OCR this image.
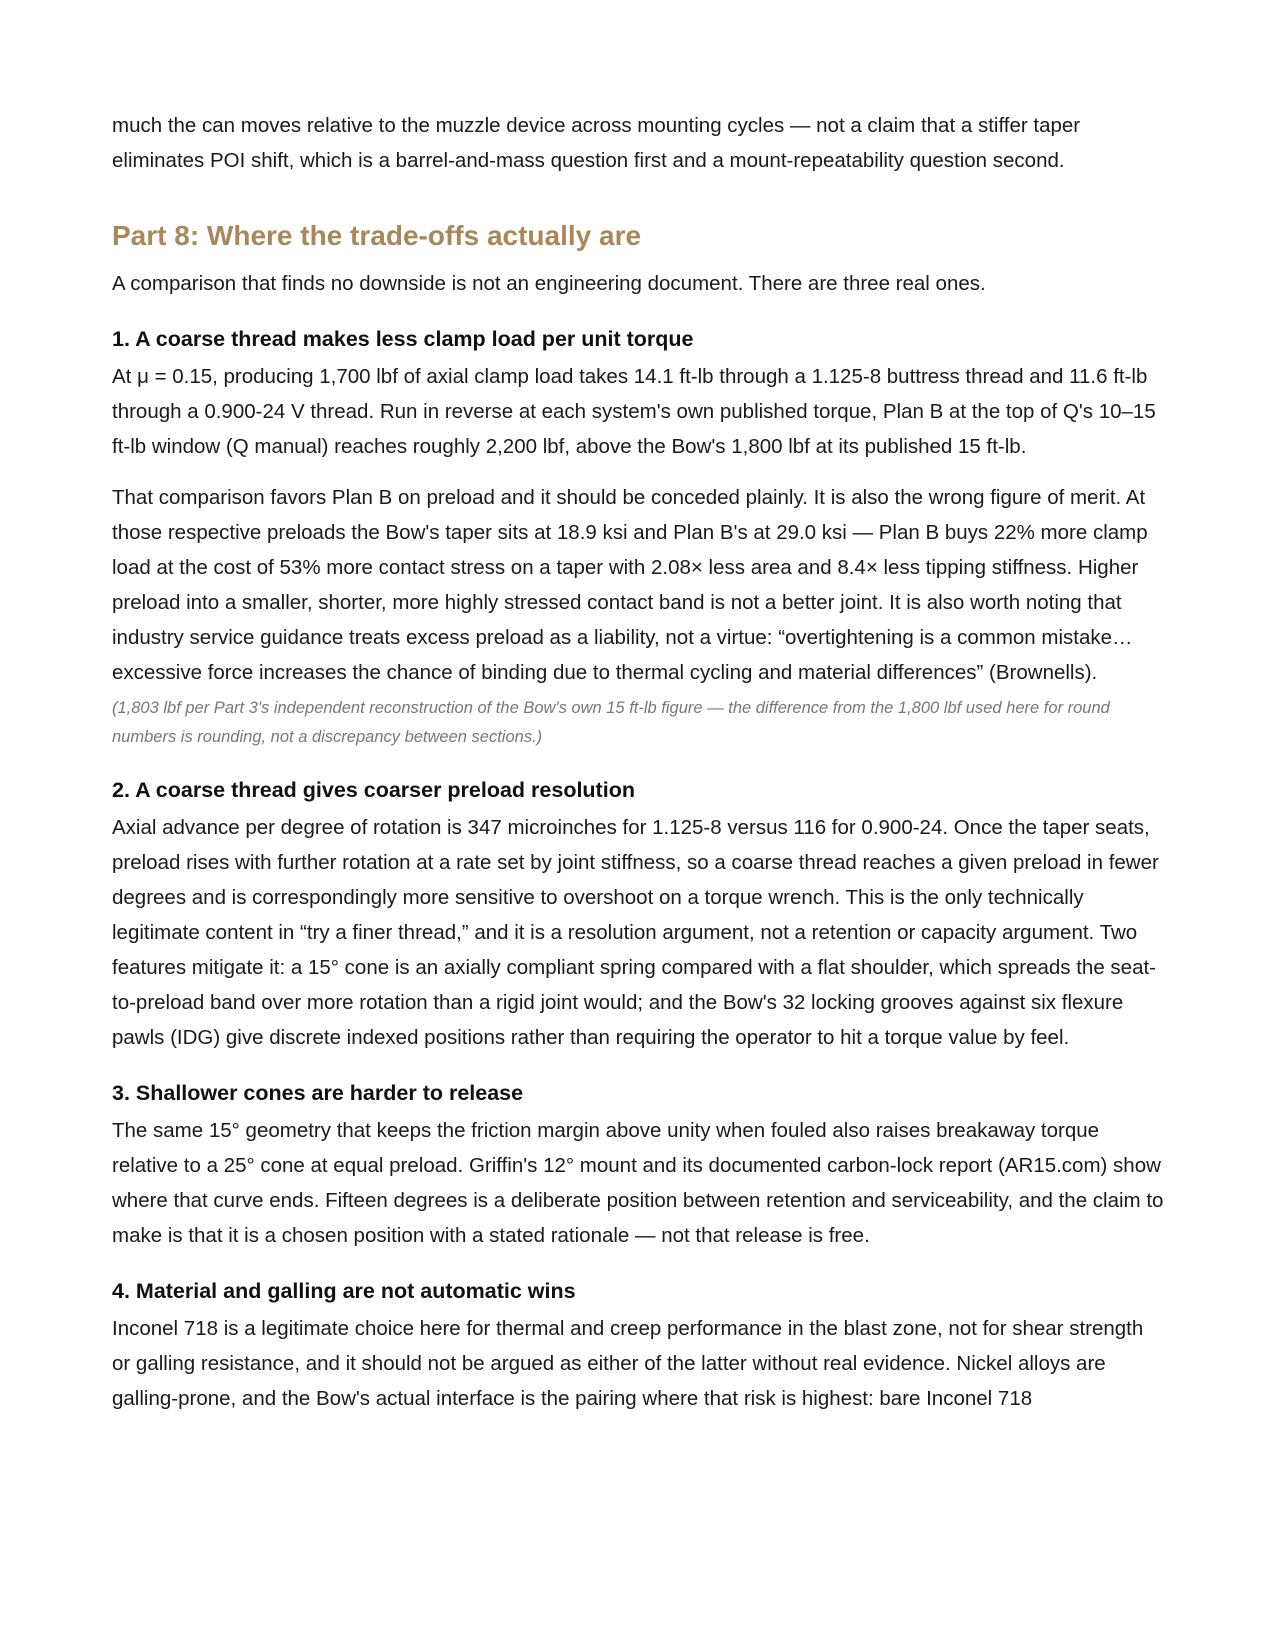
much the can moves relative to the muzzle device across mounting cycles — not a claim that a stiffer taper eliminates POI shift, which is a barrel-and-mass question first and a mount-repeatability question second.

Part 8: Where the trade-offs actually are

A comparison that finds no downside is not an engineering document. There are three real ones.

1. A coarse thread makes less clamp load per unit torque

At μ = 0.15, producing 1,700 lbf of axial clamp load takes 14.1 ft-lb through a 1.125-8 buttress thread and 11.6 ft-lb through a 0.900-24 V thread. Run in reverse at each system's own published torque, Plan B at the top of Q's 10–15 ft-lb window (Q manual) reaches roughly 2,200 lbf, above the Bow's 1,800 lbf at its published 15 ft-lb.

That comparison favors Plan B on preload and it should be conceded plainly. It is also the wrong figure of merit. At those respective preloads the Bow's taper sits at 18.9 ksi and Plan B's at 29.0 ksi — Plan B buys 22% more clamp load at the cost of 53% more contact stress on a taper with 2.08× less area and 8.4× less tipping stiffness. Higher preload into a smaller, shorter, more highly stressed contact band is not a better joint. It is also worth noting that industry service guidance treats excess preload as a liability, not a virtue: “overtightening is a common mistake… excessive force increases the chance of binding due to thermal cycling and material differences” (Brownells).

(1,803 lbf per Part 3's independent reconstruction of the Bow's own 15 ft-lb figure — the difference from the 1,800 lbf used here for round numbers is rounding, not a discrepancy between sections.)

2. A coarse thread gives coarser preload resolution

Axial advance per degree of rotation is 347 microinches for 1.125-8 versus 116 for 0.900-24. Once the taper seats, preload rises with further rotation at a rate set by joint stiffness, so a coarse thread reaches a given preload in fewer degrees and is correspondingly more sensitive to overshoot on a torque wrench. This is the only technically legitimate content in “try a finer thread,” and it is a resolution argument, not a retention or capacity argument. Two features mitigate it: a 15° cone is an axially compliant spring compared with a flat shoulder, which spreads the seat-to-preload band over more rotation than a rigid joint would; and the Bow's 32 locking grooves against six flexure pawls (IDG) give discrete indexed positions rather than requiring the operator to hit a torque value by feel.

3. Shallower cones are harder to release

The same 15° geometry that keeps the friction margin above unity when fouled also raises breakaway torque relative to a 25° cone at equal preload. Griffin's 12° mount and its documented carbon-lock report (AR15.com) show where that curve ends. Fifteen degrees is a deliberate position between retention and serviceability, and the claim to make is that it is a chosen position with a stated rationale — not that release is free.

4. Material and galling are not automatic wins

Inconel 718 is a legitimate choice here for thermal and creep performance in the blast zone, not for shear strength or galling resistance, and it should not be argued as either of the latter without real evidence. Nickel alloys are galling-prone, and the Bow's actual interface is the pairing where that risk is highest: bare Inconel 718
